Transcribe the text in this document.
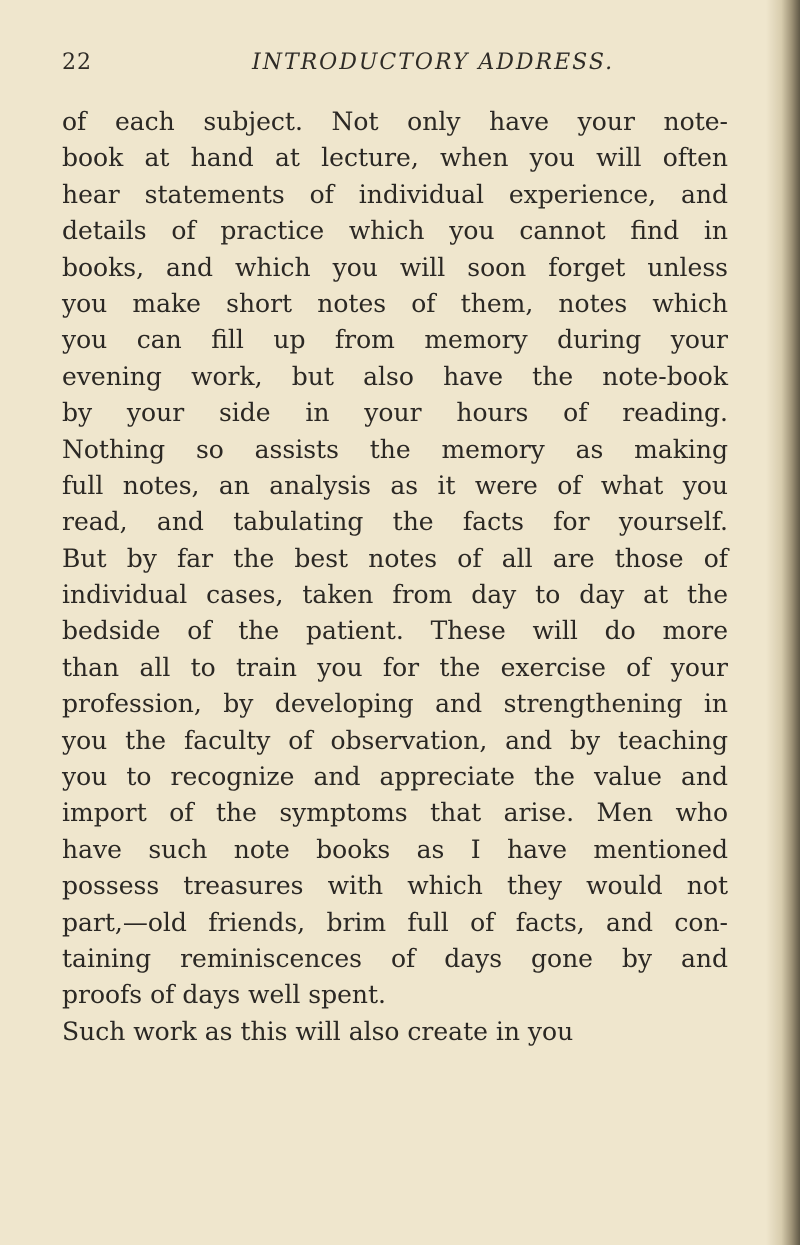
22	INTRODUCTORY ADDRESS.
of each subject. Not only have your note-
book at hand at lecture, when you will often
hear statements of individual experience, and
details of practice which you cannot find in
books, and which you will soon forget unless
you make short notes of them, notes which
you can fill up from memory during your
evening work, but also have the note-book
by your side in your hours of reading.
Nothing so assists the memory as making
full notes, an analysis as it were of what you
read, and tabulating the facts for yourself.
But by far the best notes of all are those of
individual cases, taken from day to day at the
bedside of the patient. These will do more
than all to train you for the exercise of your
profession, by developing and strengthening in
you the faculty of observation, and by teaching
you to recognize and appreciate the value and
import of the symptoms that arise. Men who
have such note books as I have mentioned
possess treasures with which they would not
part,—old friends, brim full of facts, and con-
taining reminiscences of days gone by and
proofs of days well spent.
Such work as this will also create in you
